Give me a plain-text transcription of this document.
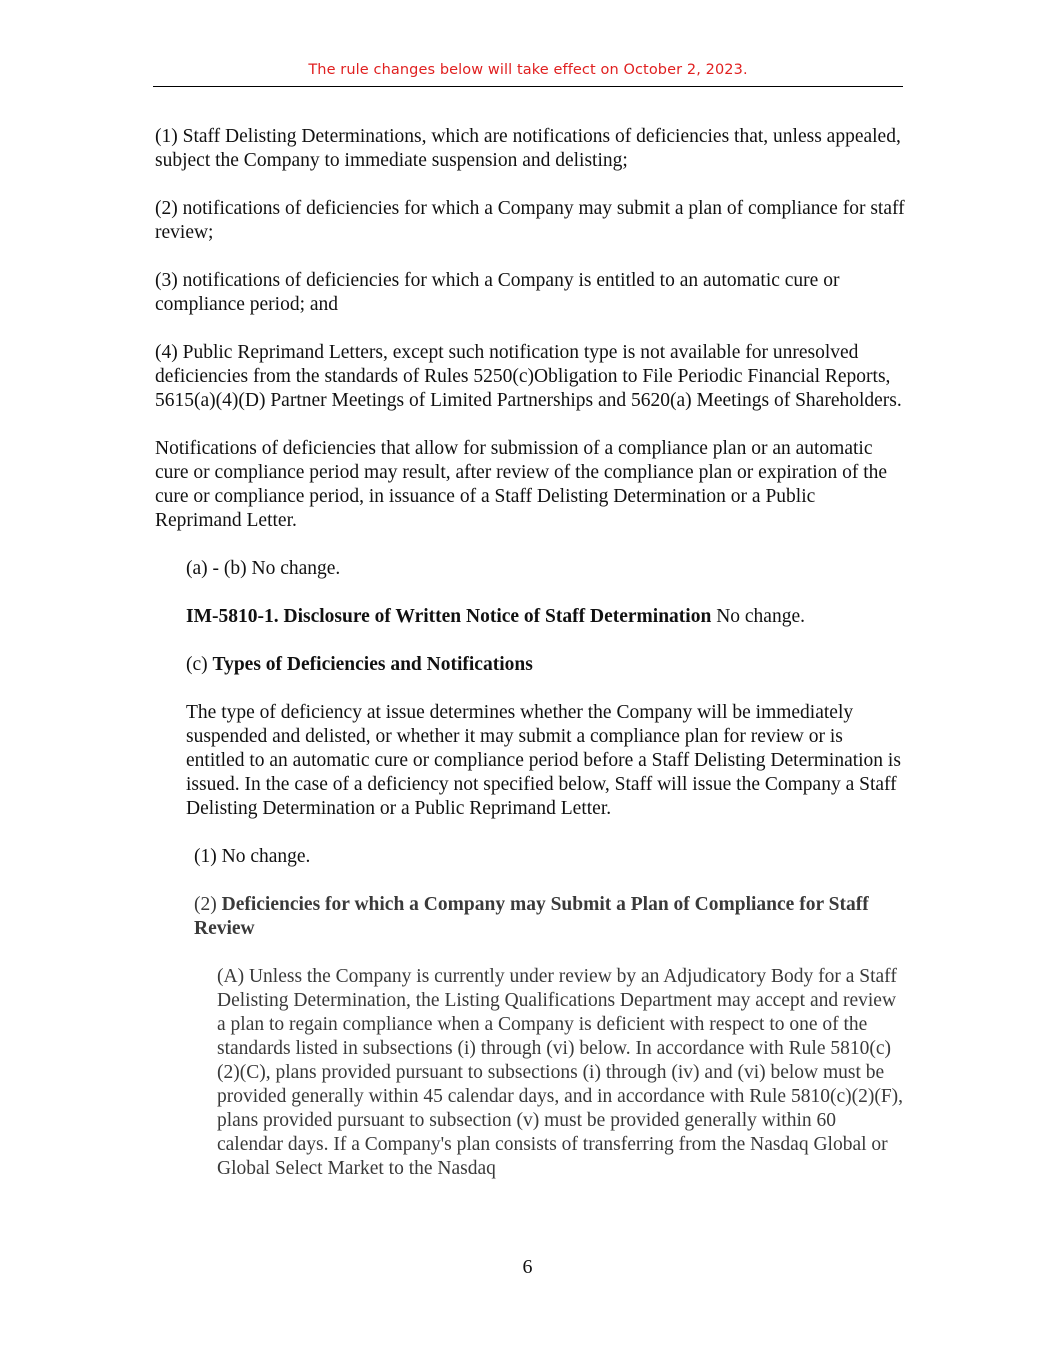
The rule changes below will take effect on October 2, 2023.

(1) Staff Delisting Determinations, which are notifications of deficiencies that, unless appealed, subject the Company to immediate suspension and delisting;

(2) notifications of deficiencies for which a Company may submit a plan of compliance for staff review;

(3) notifications of deficiencies for which a Company is entitled to an automatic cure or compliance period; and

(4) Public Reprimand Letters, except such notification type is not available for unresolved deficiencies from the standards of Rules 5250(c)Obligation to File Periodic Financial Reports, 5615(a)(4)(D) Partner Meetings of Limited Partnerships and 5620(a) Meetings of Shareholders.

Notifications of deficiencies that allow for submission of a compliance plan or an automatic cure or compliance period may result, after review of the compliance plan or expiration of the cure or compliance period, in issuance of a Staff Delisting Determination or a Public Reprimand Letter.

(a) - (b) No change.

IM-5810-1. Disclosure of Written Notice of Staff Determination No change.

(c) Types of Deficiencies and Notifications

The type of deficiency at issue determines whether the Company will be immediately suspended and delisted, or whether it may submit a compliance plan for review or is entitled to an automatic cure or compliance period before a Staff Delisting Determination is issued. In the case of a deficiency not specified below, Staff will issue the Company a Staff Delisting Determination or a Public Reprimand Letter.

(1) No change.

(2) Deficiencies for which a Company may Submit a Plan of Compliance for Staff Review

(A) Unless the Company is currently under review by an Adjudicatory Body for a Staff Delisting Determination, the Listing Qualifications Department may accept and review a plan to regain compliance when a Company is deficient with respect to one of the standards listed in subsections (i) through (vi) below. In accordance with Rule 5810(c)(2)(C), plans provided pursuant to subsections (i) through (iv) and (vi) below must be provided generally within 45 calendar days, and in accordance with Rule 5810(c)(2)(F), plans provided pursuant to subsection (v) must be provided generally within 60 calendar days. If a Company's plan consists of transferring from the Nasdaq Global or Global Select Market to the Nasdaq

6
